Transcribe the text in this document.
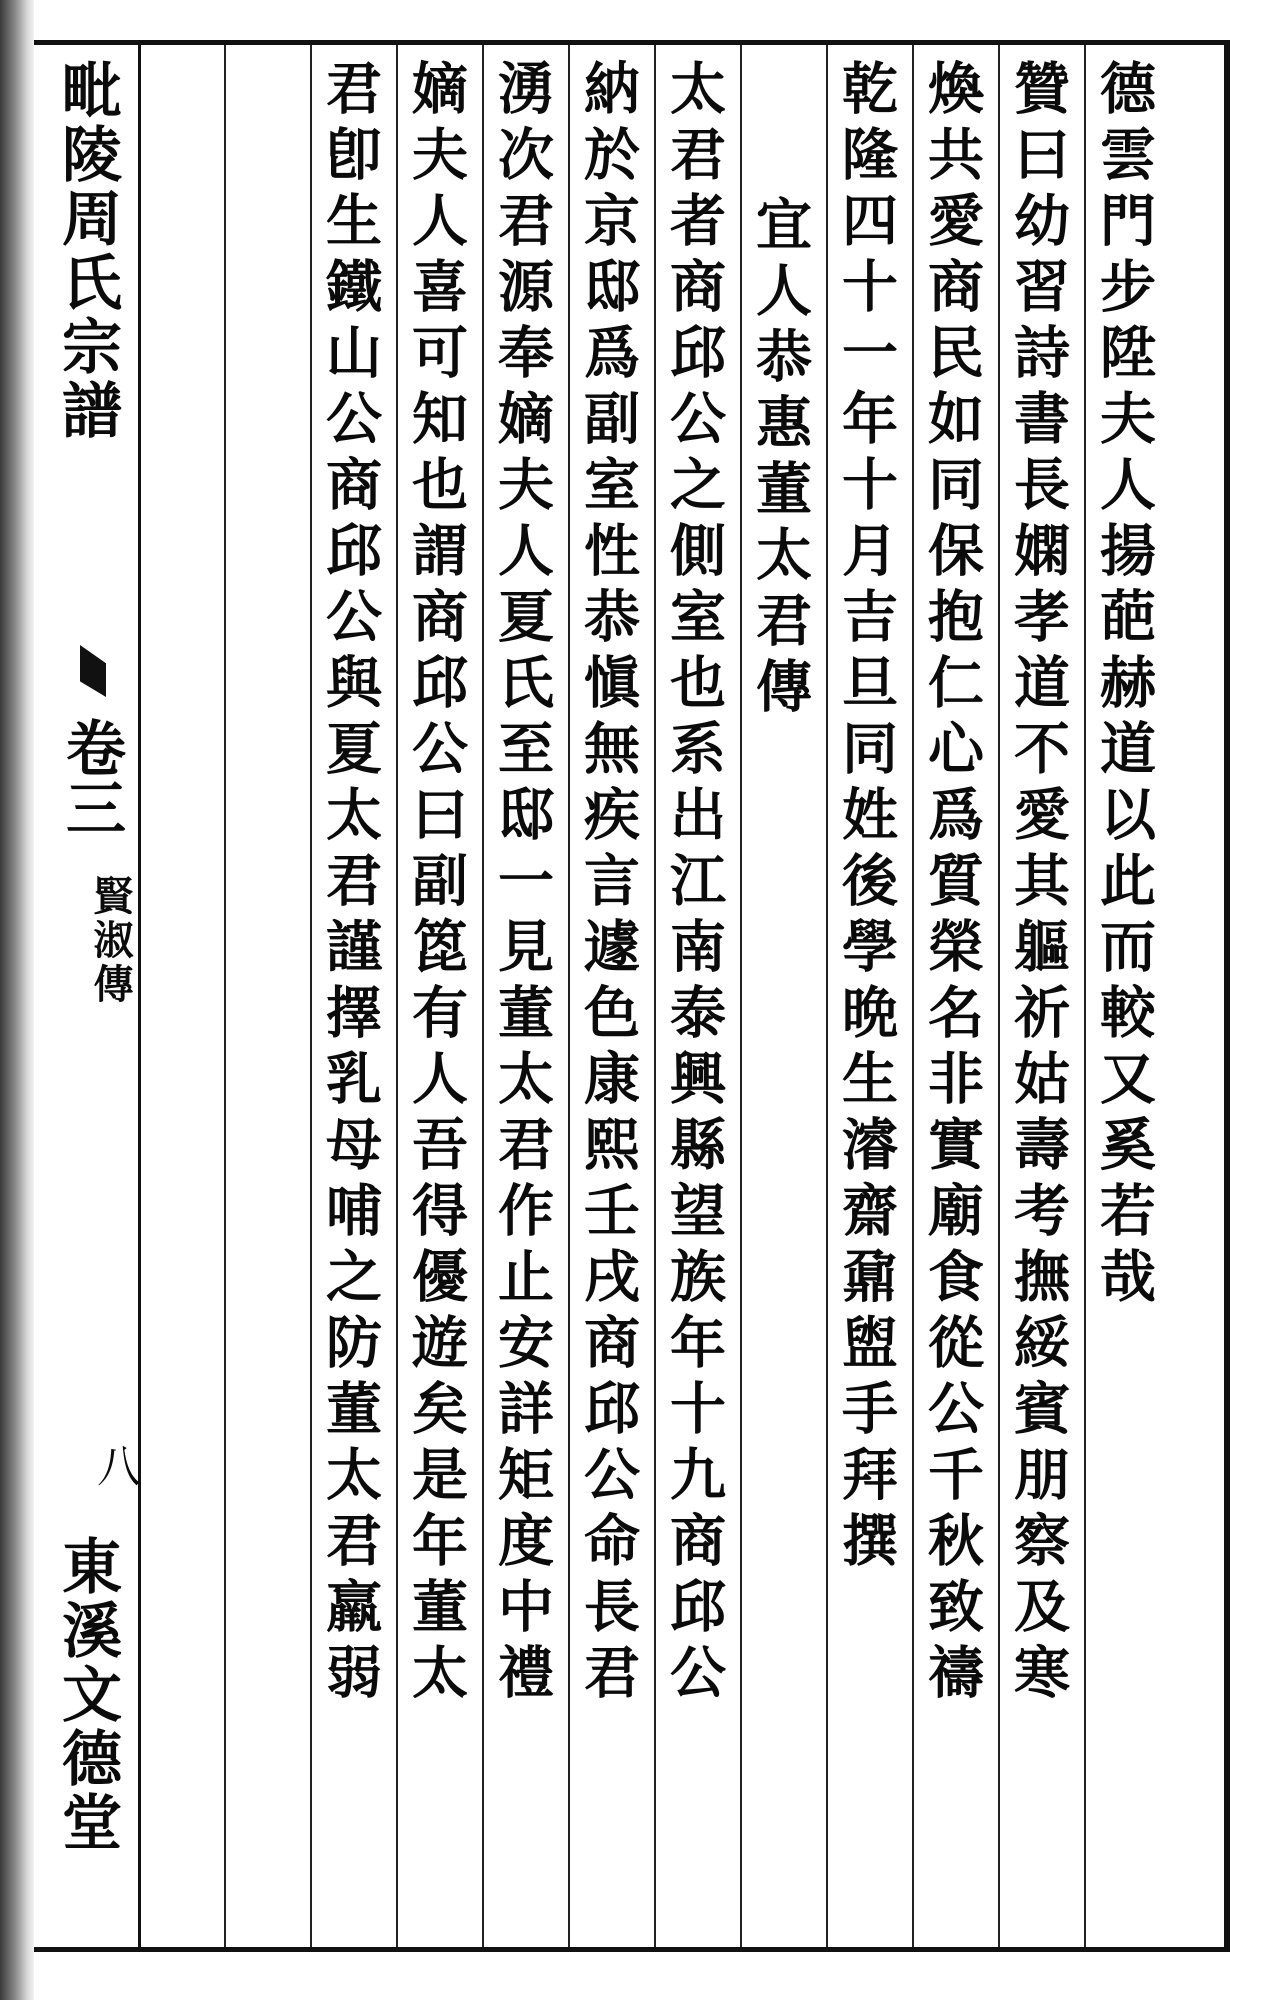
毗陵周氏宗譜
卷三
賢淑傳
八
東溪文德堂
德雲門步陞夫人揚葩赫道以此而較又奚若哉
贊曰幼習詩書長嫻孝道不愛其軀祈姑壽考撫綏賓朋察及寒
煥共愛商民如同保抱仁心爲質榮名非實廟食從公千秋致禱
乾隆四十一年十月吉旦同姓後學晩生濬齋鼐盥手拜撰
宜人恭惠董太君傳
太君者商邱公之側室也系出江南泰興縣望族年十九商邱公
納於京邸爲副室性恭愼無疾言遽色康熙壬戌商邱公命長君
湧次君源奉嫡夫人夏氏至邸一見董太君作止安詳矩度中禮
嫡夫人喜可知也謂商邱公曰副箆有人吾得優遊矣是年董太
君卽生鐵山公商邱公與夏太君謹擇乳母哺之防董太君羸弱
